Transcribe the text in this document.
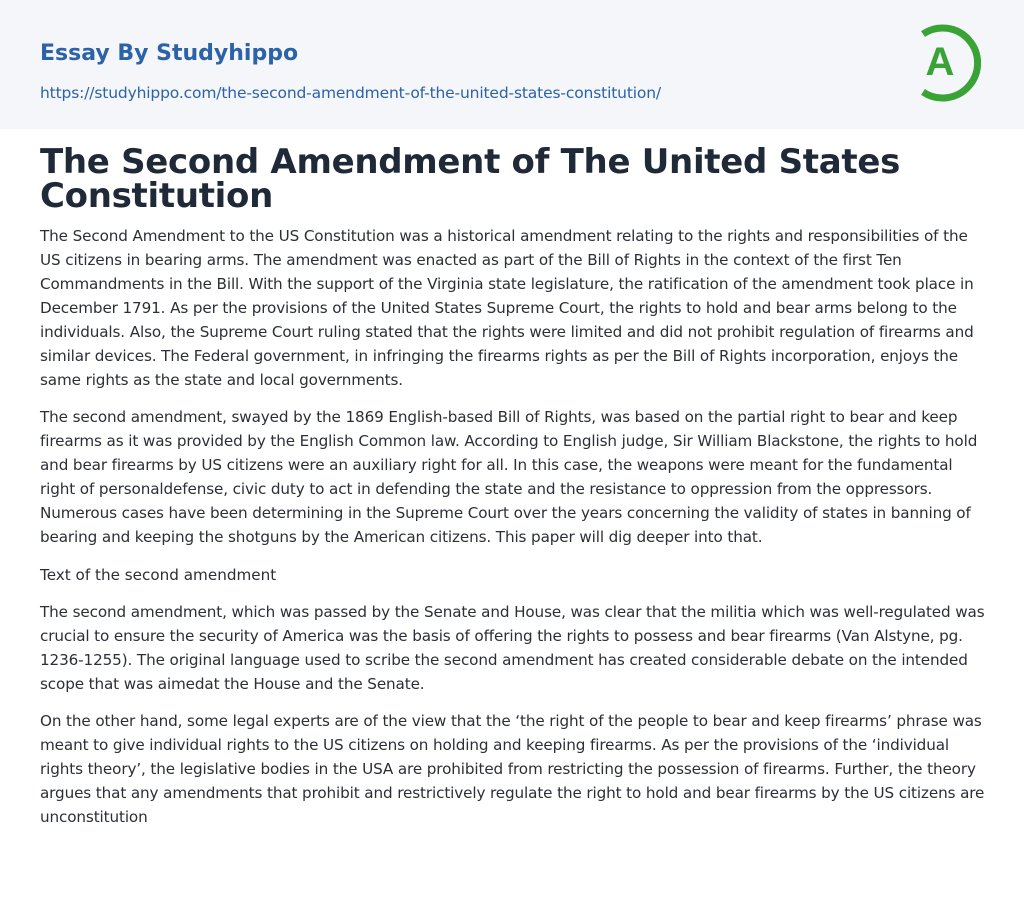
Essay By Studyhippo
https://studyhippo.com/the-second-amendment-of-the-united-states-constitution/
A
The Second Amendment of The United States Constitution

The Second Amendment to the US Constitution was a historical amendment relating to the rights and responsibilities of the US citizens in bearing arms. The amendment was enacted as part of the Bill of Rights in the context of the first Ten Commandments in the Bill. With the support of the Virginia state legislature, the ratification of the amendment took place in December 1791. As per the provisions of the United States Supreme Court, the rights to hold and bear arms belong to the individuals. Also, the Supreme Court ruling stated that the rights were limited and did not prohibit regulation of firearms and similar devices. The Federal government, in infringing the firearms rights as per the Bill of Rights incorporation, enjoys the same rights as the state and local governments.

The second amendment, swayed by the 1869 English-based Bill of Rights, was based on the partial right to bear and keep firearms as it was provided by the English Common law. According to English judge, Sir William Blackstone, the rights to hold and bear firearms by US citizens were an auxiliary right for all. In this case, the weapons were meant for the fundamental right of personaldefense, civic duty to act in defending the state and the resistance to oppression from the oppressors. Numerous cases have been determining in the Supreme Court over the years concerning the validity of states in banning of bearing and keeping the shotguns by the American citizens. This paper will dig deeper into that.

Text of the second amendment

The second amendment, which was passed by the Senate and House, was clear that the militia which was well-regulated was crucial to ensure the security of America was the basis of offering the rights to possess and bear firearms (Van Alstyne, pg. 1236-1255). The original language used to scribe the second amendment has created considerable debate on the intended scope that was aimedat the House and the Senate.

On the other hand, some legal experts are of the view that the ‘the right of the people to bear and keep firearms’ phrase was meant to give individual rights to the US citizens on holding and keeping firearms. As per the provisions of the ‘individual rights theory’, the legislative bodies in the USA are prohibited from restricting the possession of firearms. Further, the theory argues that any amendments that prohibit and restrictively regulate the right to hold and bear firearms by the US citizens are unconstitution
